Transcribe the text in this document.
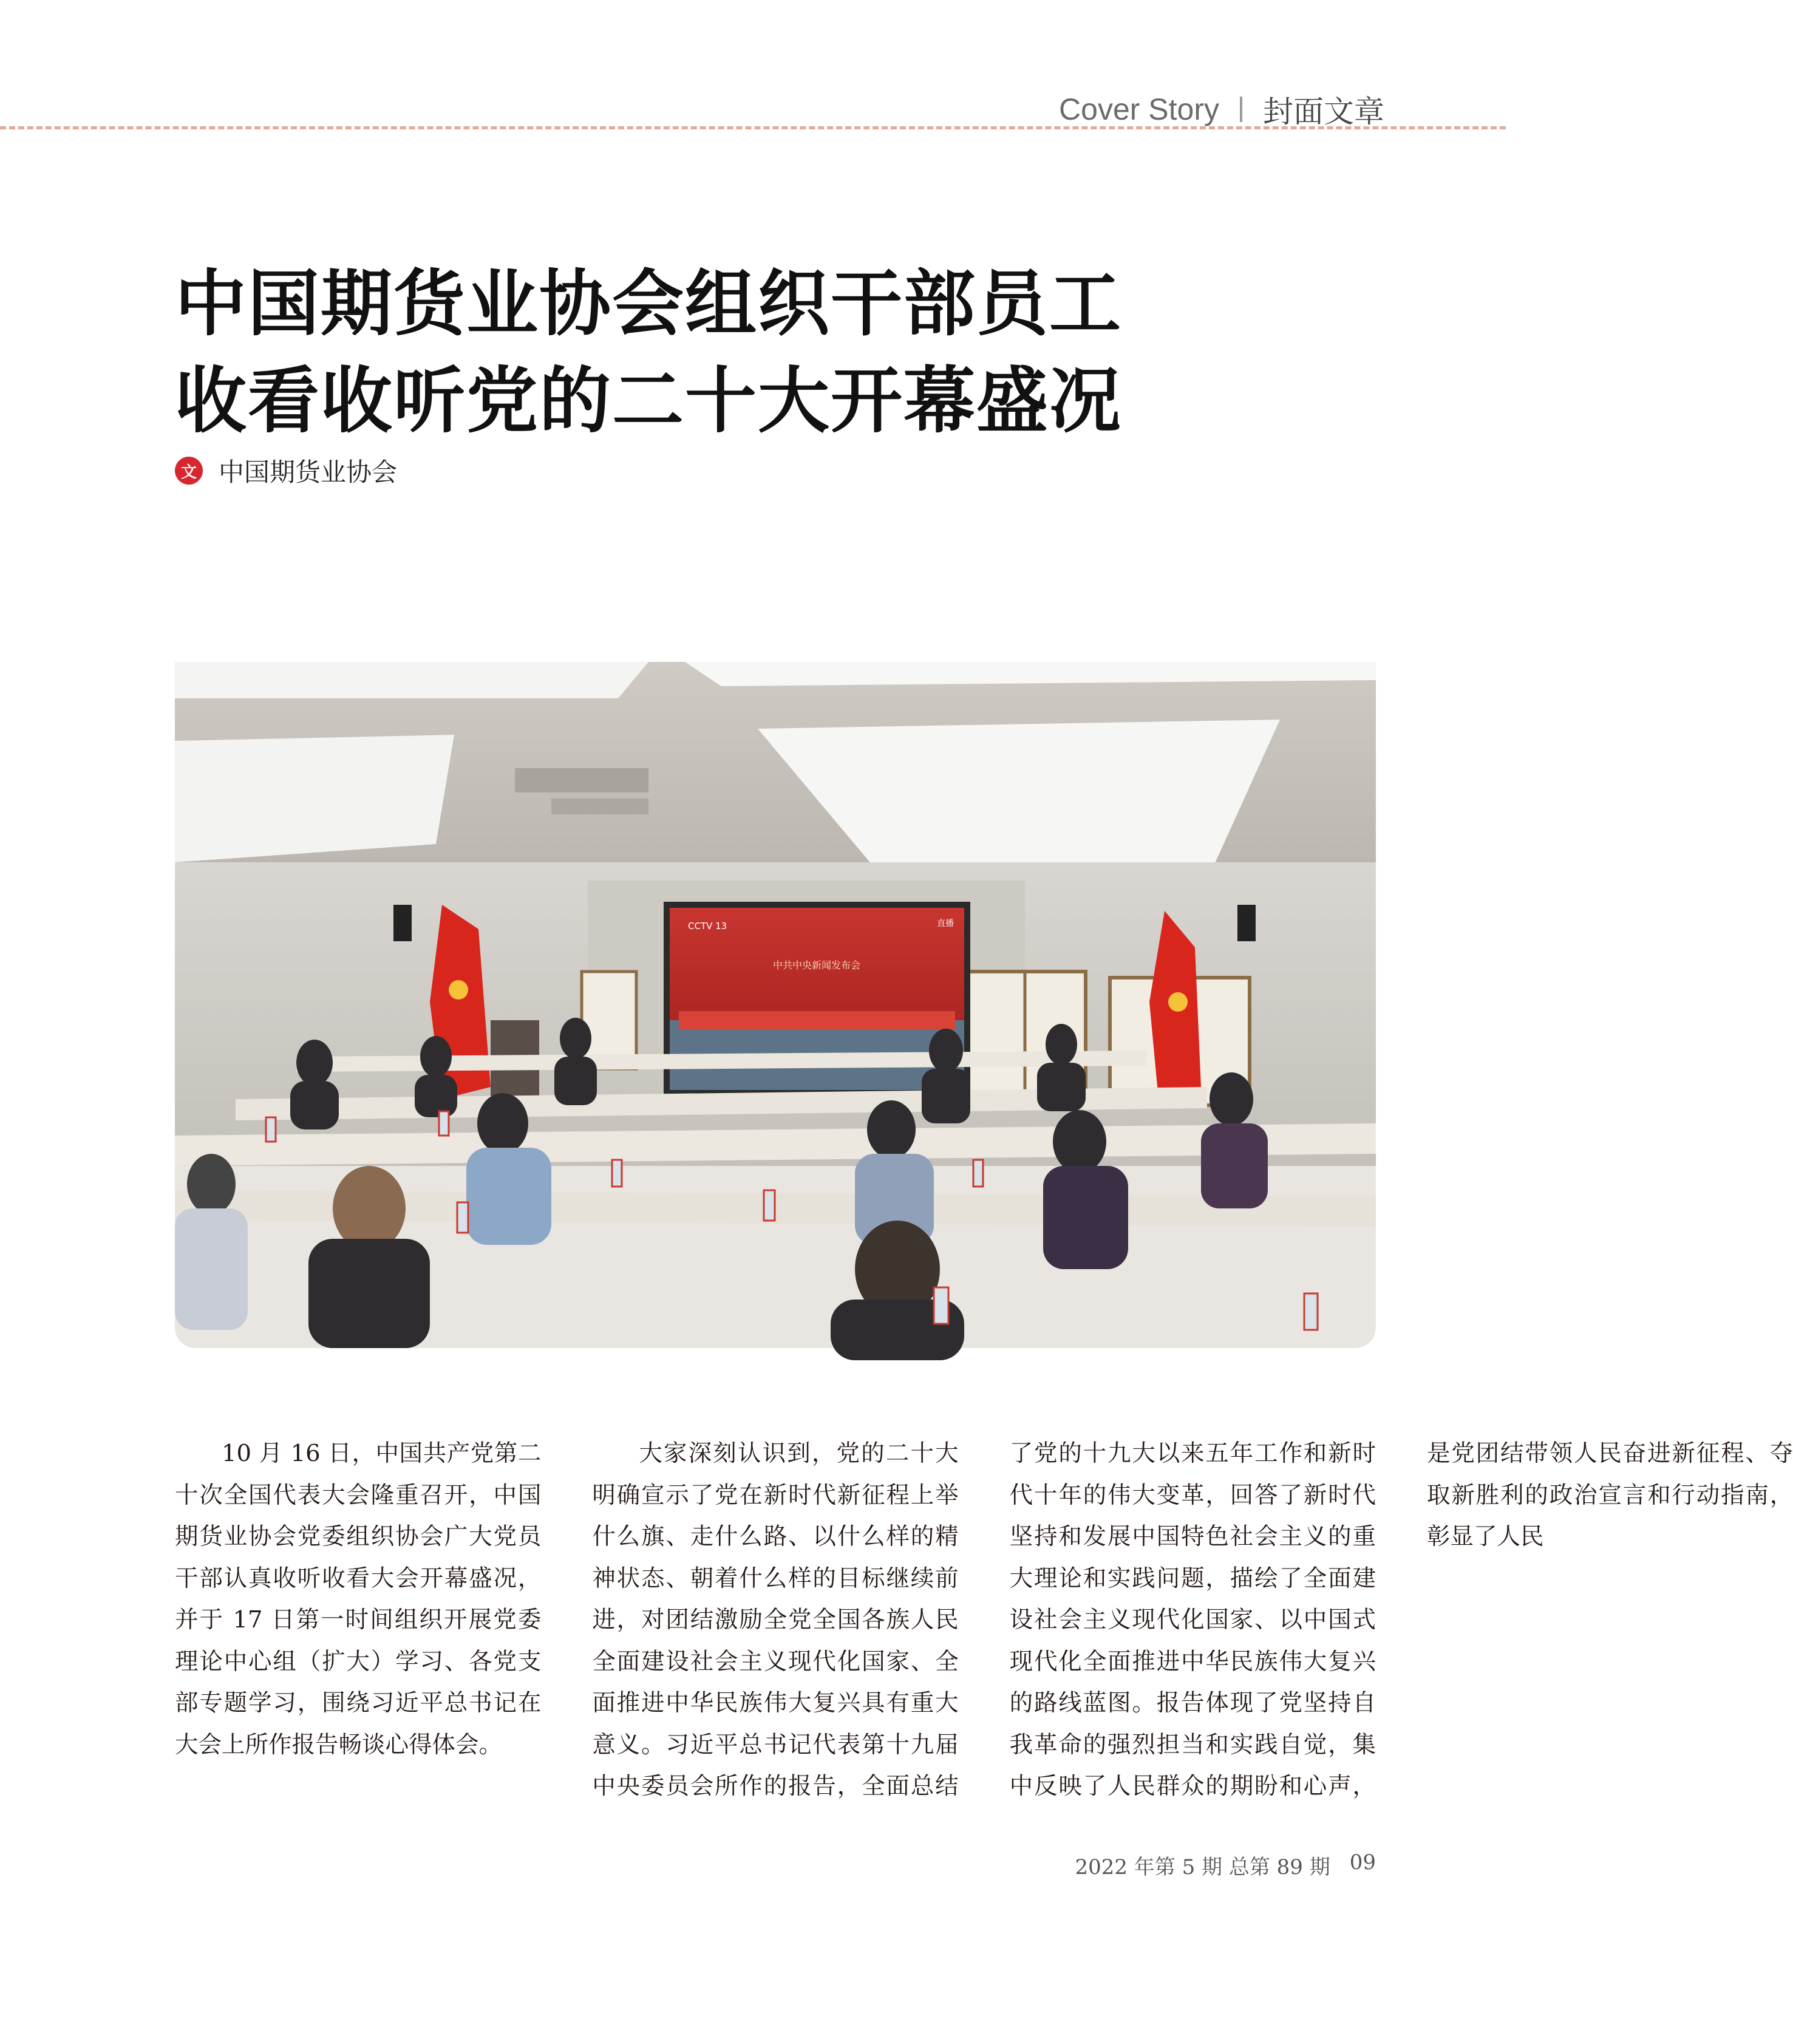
Cover Story 封面文章
中国期货业协会组织干部员工
收看收听党的二十大开幕盛况
文 中国期货业协会
中共中央新闻发布会
CCTV 13	直播

10 月 16 日，中国共产党第二十次全国代表大会隆重召开，中国期货业协会党委组织协会广大党员干部认真收听收看大会开幕盛况，并于 17 日第一时间组织开展党委理论中心组（扩大）学习、各党支部专题学习，围绕习近平总书记在大会上所作报告畅谈心得体会。

大家深刻认识到，党的二十大明确宣示了党在新时代新征程上举什么旗、走什么路、以什么样的精神状态、朝着什么样的目标继续前进，对团结激励全党全国各族人民全面建设社会主义现代化国家、全面推进中华民族伟大复兴具有重大意义。习近平总书记代表第十九届中央委员会所作的报告，全面总结了党的十九大以来五年工作和新时代十年的伟大变革，回答了新时代坚持和发展中国特色社会主义的重大理论和实践问题，描绘了全面建设社会主义现代化国家、以中国式现代化全面推进中华民族伟大复兴的路线蓝图。报告体现了党坚持自我革命的强烈担当和实践自觉，集中反映了人民群众的期盼和心声，是党团结带领人民奋进新征程、夺取新胜利的政治宣言和行动指南，彰显了人民

2022 年第 5 期 总第 89 期 09
